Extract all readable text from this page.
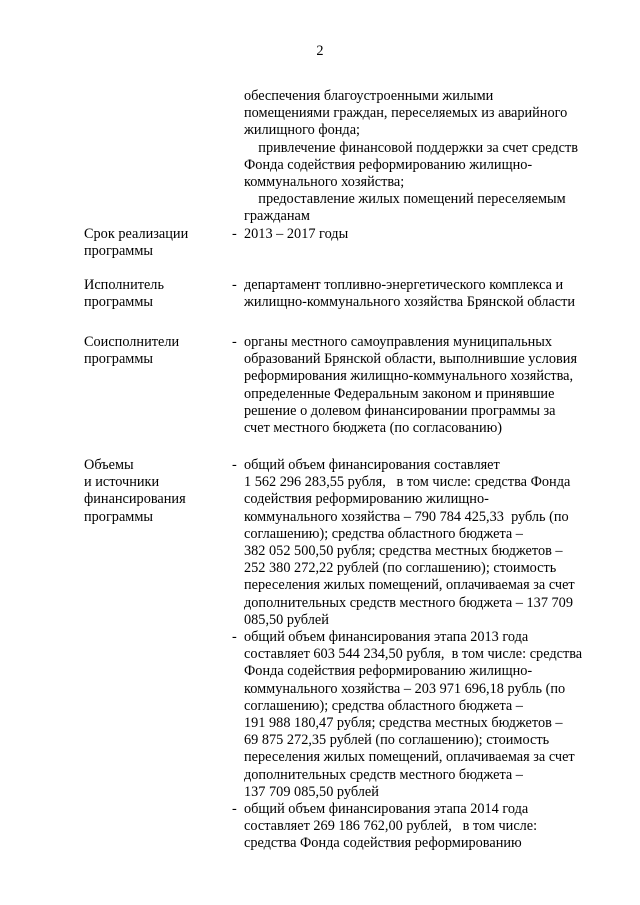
2
обеспечения благоустроенными жилыми
помещениями граждан, переселяемых из аварийного
жилищного фонда;
привлечение финансовой поддержки за счет средств
Фонда содействия реформированию жилищно-
коммунального хозяйства;
предоставление жилых помещений переселяемым
гражданам
Срок реализации
программы
- 2013 – 2017 годы
Исполнитель
программы
- департамент топливно-энергетического комплекса и
жилищно-коммунального хозяйства Брянской области
Соисполнители
программы
- органы местного самоуправления муниципальных
образований Брянской области, выполнившие условия
реформирования жилищно-коммунального хозяйства,
определенные Федеральным законом и принявшие
решение о долевом финансировании программы за
счет местного бюджета (по согласованию)
Объемы
и источники
финансирования
программы
- общий объем финансирования составляет
1 562 296 283,55 рубля,   в том числе: средства Фонда
содействия реформированию жилищно-
коммунального хозяйства – 790 784 425,33  рубль (по
соглашению); средства областного бюджета –
382 052 500,50 рубля; средства местных бюджетов –
252 380 272,22 рублей (по соглашению); стоимость
переселения жилых помещений, оплачиваемая за счет
дополнительных средств местного бюджета – 137 709
085,50 рублей
- общий объем финансирования этапа 2013 года
составляет 603 544 234,50 рубля,  в том числе: средства
Фонда содействия реформированию жилищно-
коммунального хозяйства – 203 971 696,18 рубль (по
соглашению); средства областного бюджета –
191 988 180,47 рубля; средства местных бюджетов –
69 875 272,35 рублей (по соглашению); стоимость
переселения жилых помещений, оплачиваемая за счет
дополнительных средств местного бюджета –
137 709 085,50 рублей
- общий объем финансирования этапа 2014 года
составляет 269 186 762,00 рублей,   в том числе:
средства Фонда содействия реформированию
